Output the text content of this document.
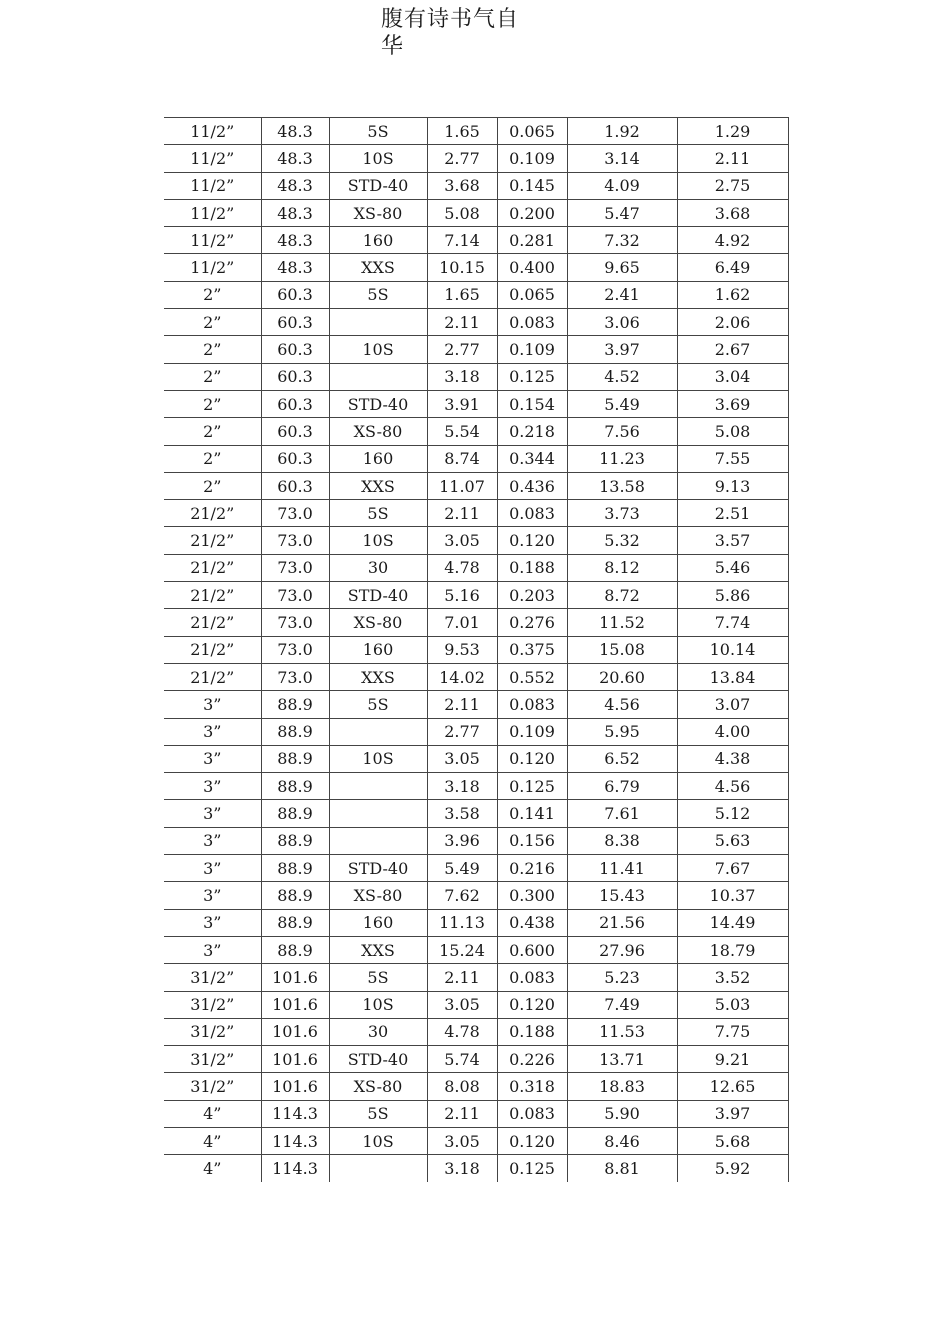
腹有诗书气自华
11/2”	48.3	5S	1.65	0.065	1.92	1.29
11/2”	48.3	10S	2.77	0.109	3.14	2.11
11/2”	48.3	STD-40	3.68	0.145	4.09	2.75
11/2”	48.3	XS-80	5.08	0.200	5.47	3.68
11/2”	48.3	160	7.14	0.281	7.32	4.92
11/2”	48.3	XXS	10.15	0.400	9.65	6.49
2”	60.3	5S	1.65	0.065	2.41	1.62
2”	60.3		2.11	0.083	3.06	2.06
2”	60.3	10S	2.77	0.109	3.97	2.67
2”	60.3		3.18	0.125	4.52	3.04
2”	60.3	STD-40	3.91	0.154	5.49	3.69
2”	60.3	XS-80	5.54	0.218	7.56	5.08
2”	60.3	160	8.74	0.344	11.23	7.55
2”	60.3	XXS	11.07	0.436	13.58	9.13
21/2”	73.0	5S	2.11	0.083	3.73	2.51
21/2”	73.0	10S	3.05	0.120	5.32	3.57
21/2”	73.0	30	4.78	0.188	8.12	5.46
21/2”	73.0	STD-40	5.16	0.203	8.72	5.86
21/2”	73.0	XS-80	7.01	0.276	11.52	7.74
21/2”	73.0	160	9.53	0.375	15.08	10.14
21/2”	73.0	XXS	14.02	0.552	20.60	13.84
3”	88.9	5S	2.11	0.083	4.56	3.07
3”	88.9		2.77	0.109	5.95	4.00
3”	88.9	10S	3.05	0.120	6.52	4.38
3”	88.9		3.18	0.125	6.79	4.56
3”	88.9		3.58	0.141	7.61	5.12
3”	88.9		3.96	0.156	8.38	5.63
3”	88.9	STD-40	5.49	0.216	11.41	7.67
3”	88.9	XS-80	7.62	0.300	15.43	10.37
3”	88.9	160	11.13	0.438	21.56	14.49
3”	88.9	XXS	15.24	0.600	27.96	18.79
31/2”	101.6	5S	2.11	0.083	5.23	3.52
31/2”	101.6	10S	3.05	0.120	7.49	5.03
31/2”	101.6	30	4.78	0.188	11.53	7.75
31/2”	101.6	STD-40	5.74	0.226	13.71	9.21
31/2”	101.6	XS-80	8.08	0.318	18.83	12.65
4”	114.3	5S	2.11	0.083	5.90	3.97
4”	114.3	10S	3.05	0.120	8.46	5.68
4”	114.3		3.18	0.125	8.81	5.92
